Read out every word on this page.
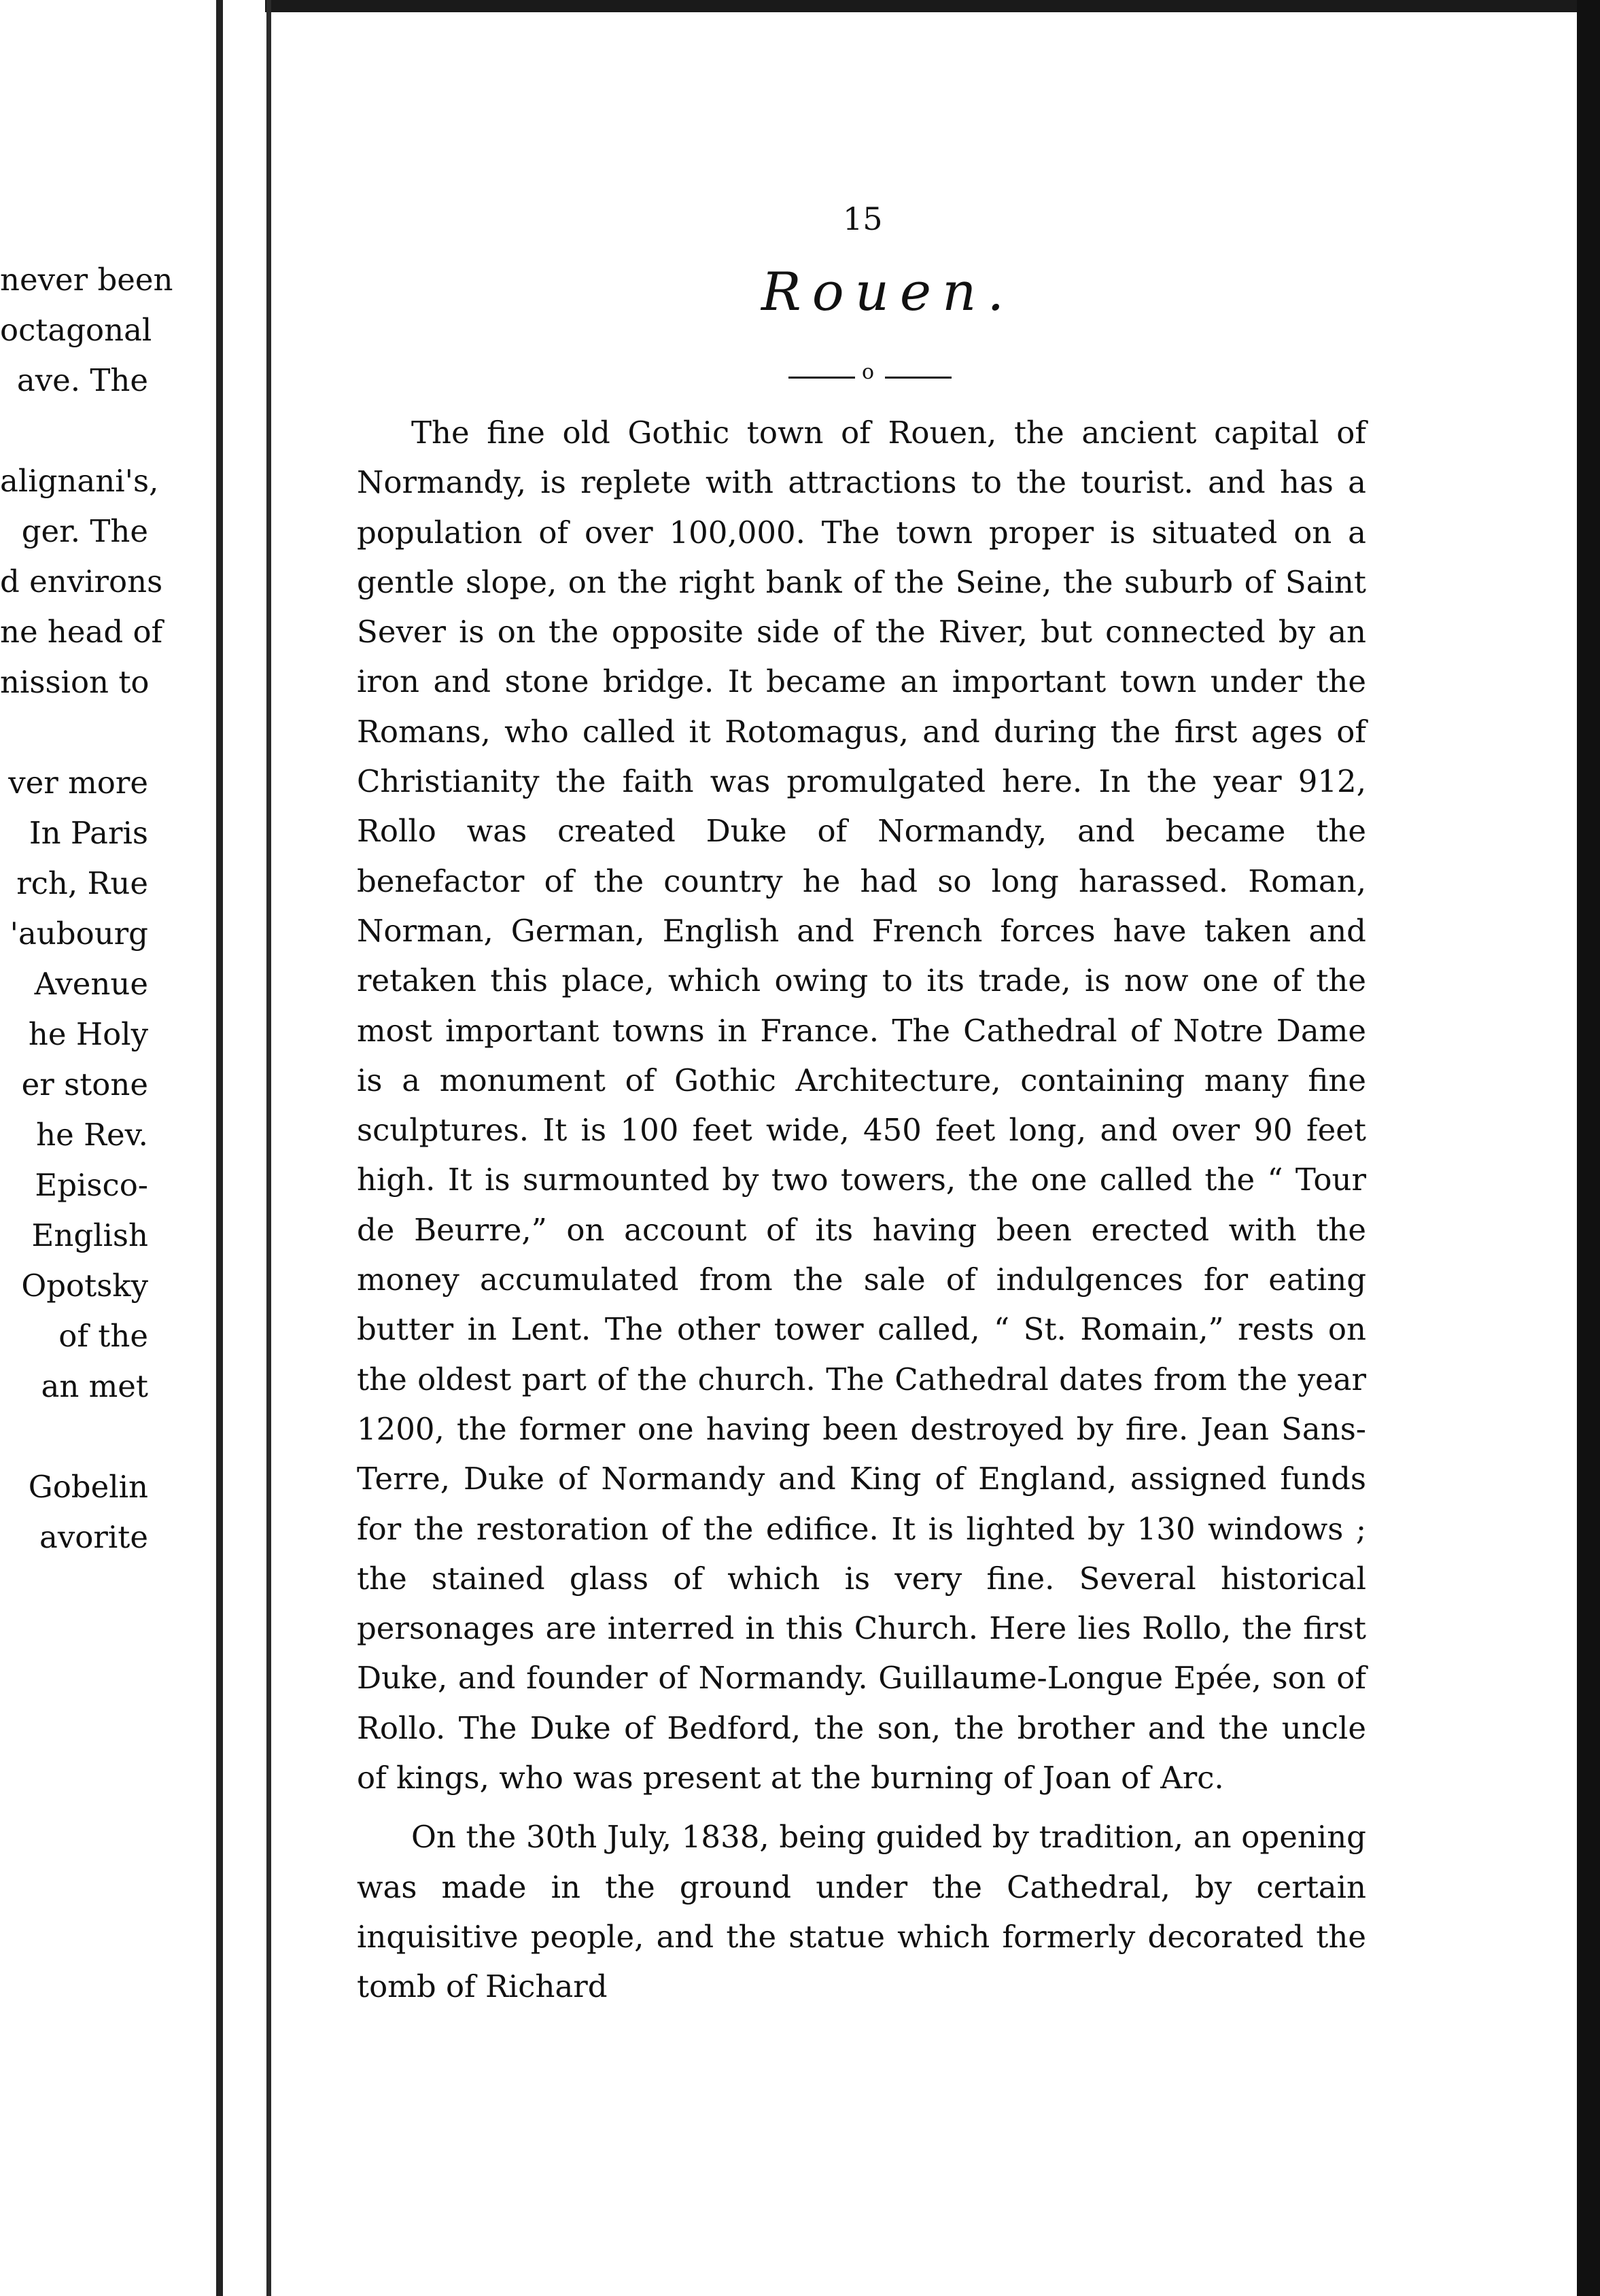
never been
octagonal
ave. The
alignani's,
ger. The
d environs
ne head of
nission to
ver more
In Paris
rch, Rue
'aubourg
Avenue
he Holy
er stone
he Rev.
Episco-
English
Opotsky
of the
an met
Gobelin
avorite
15
Rouen.
o

The fine old Gothic town of Rouen, the ancient capital of Normandy, is replete with attractions to the tourist. and has a population of over 100,000. The town proper is situated on a gentle slope, on the right bank of the Seine, the suburb of Saint Sever is on the opposite side of the River, but connected by an iron and stone bridge. It became an important town under the Romans, who called it Rotomagus, and during the first ages of Christianity the faith was promulgated here. In the year 912, Rollo was created Duke of Normandy, and became the benefactor of the country he had so long harassed. Roman, Norman, German, English and French forces have taken and retaken this place, which owing to its trade, is now one of the most important towns in France. The Cathedral of Notre Dame is a monument of Gothic Architecture, containing many fine sculptures. It is 100 feet wide, 450 feet long, and over 90 feet high. It is surmounted by two towers, the one called the “ Tour de Beurre,” on account of its having been erected with the money accumulated from the sale of indulgences for eating butter in Lent. The other tower called, “ St. Romain,” rests on the oldest part of the church. The Cathedral dates from the year 1200, the former one having been destroyed by fire. Jean Sans-Terre, Duke of Normandy and King of England, assigned funds for the restoration of the edifice. It is lighted by 130 windows ; the stained glass of which is very fine. Several historical personages are interred in this Church. Here lies Rollo, the first Duke, and founder of Normandy. Guillaume-Longue Epée, son of Rollo. The Duke of Bedford, the son, the brother and the uncle of kings, who was present at the burning of Joan of Arc.

On the 30th July, 1838, being guided by tradition, an opening was made in the ground under the Cathedral, by certain inquisitive people, and the statue which formerly decorated the tomb of Richard
